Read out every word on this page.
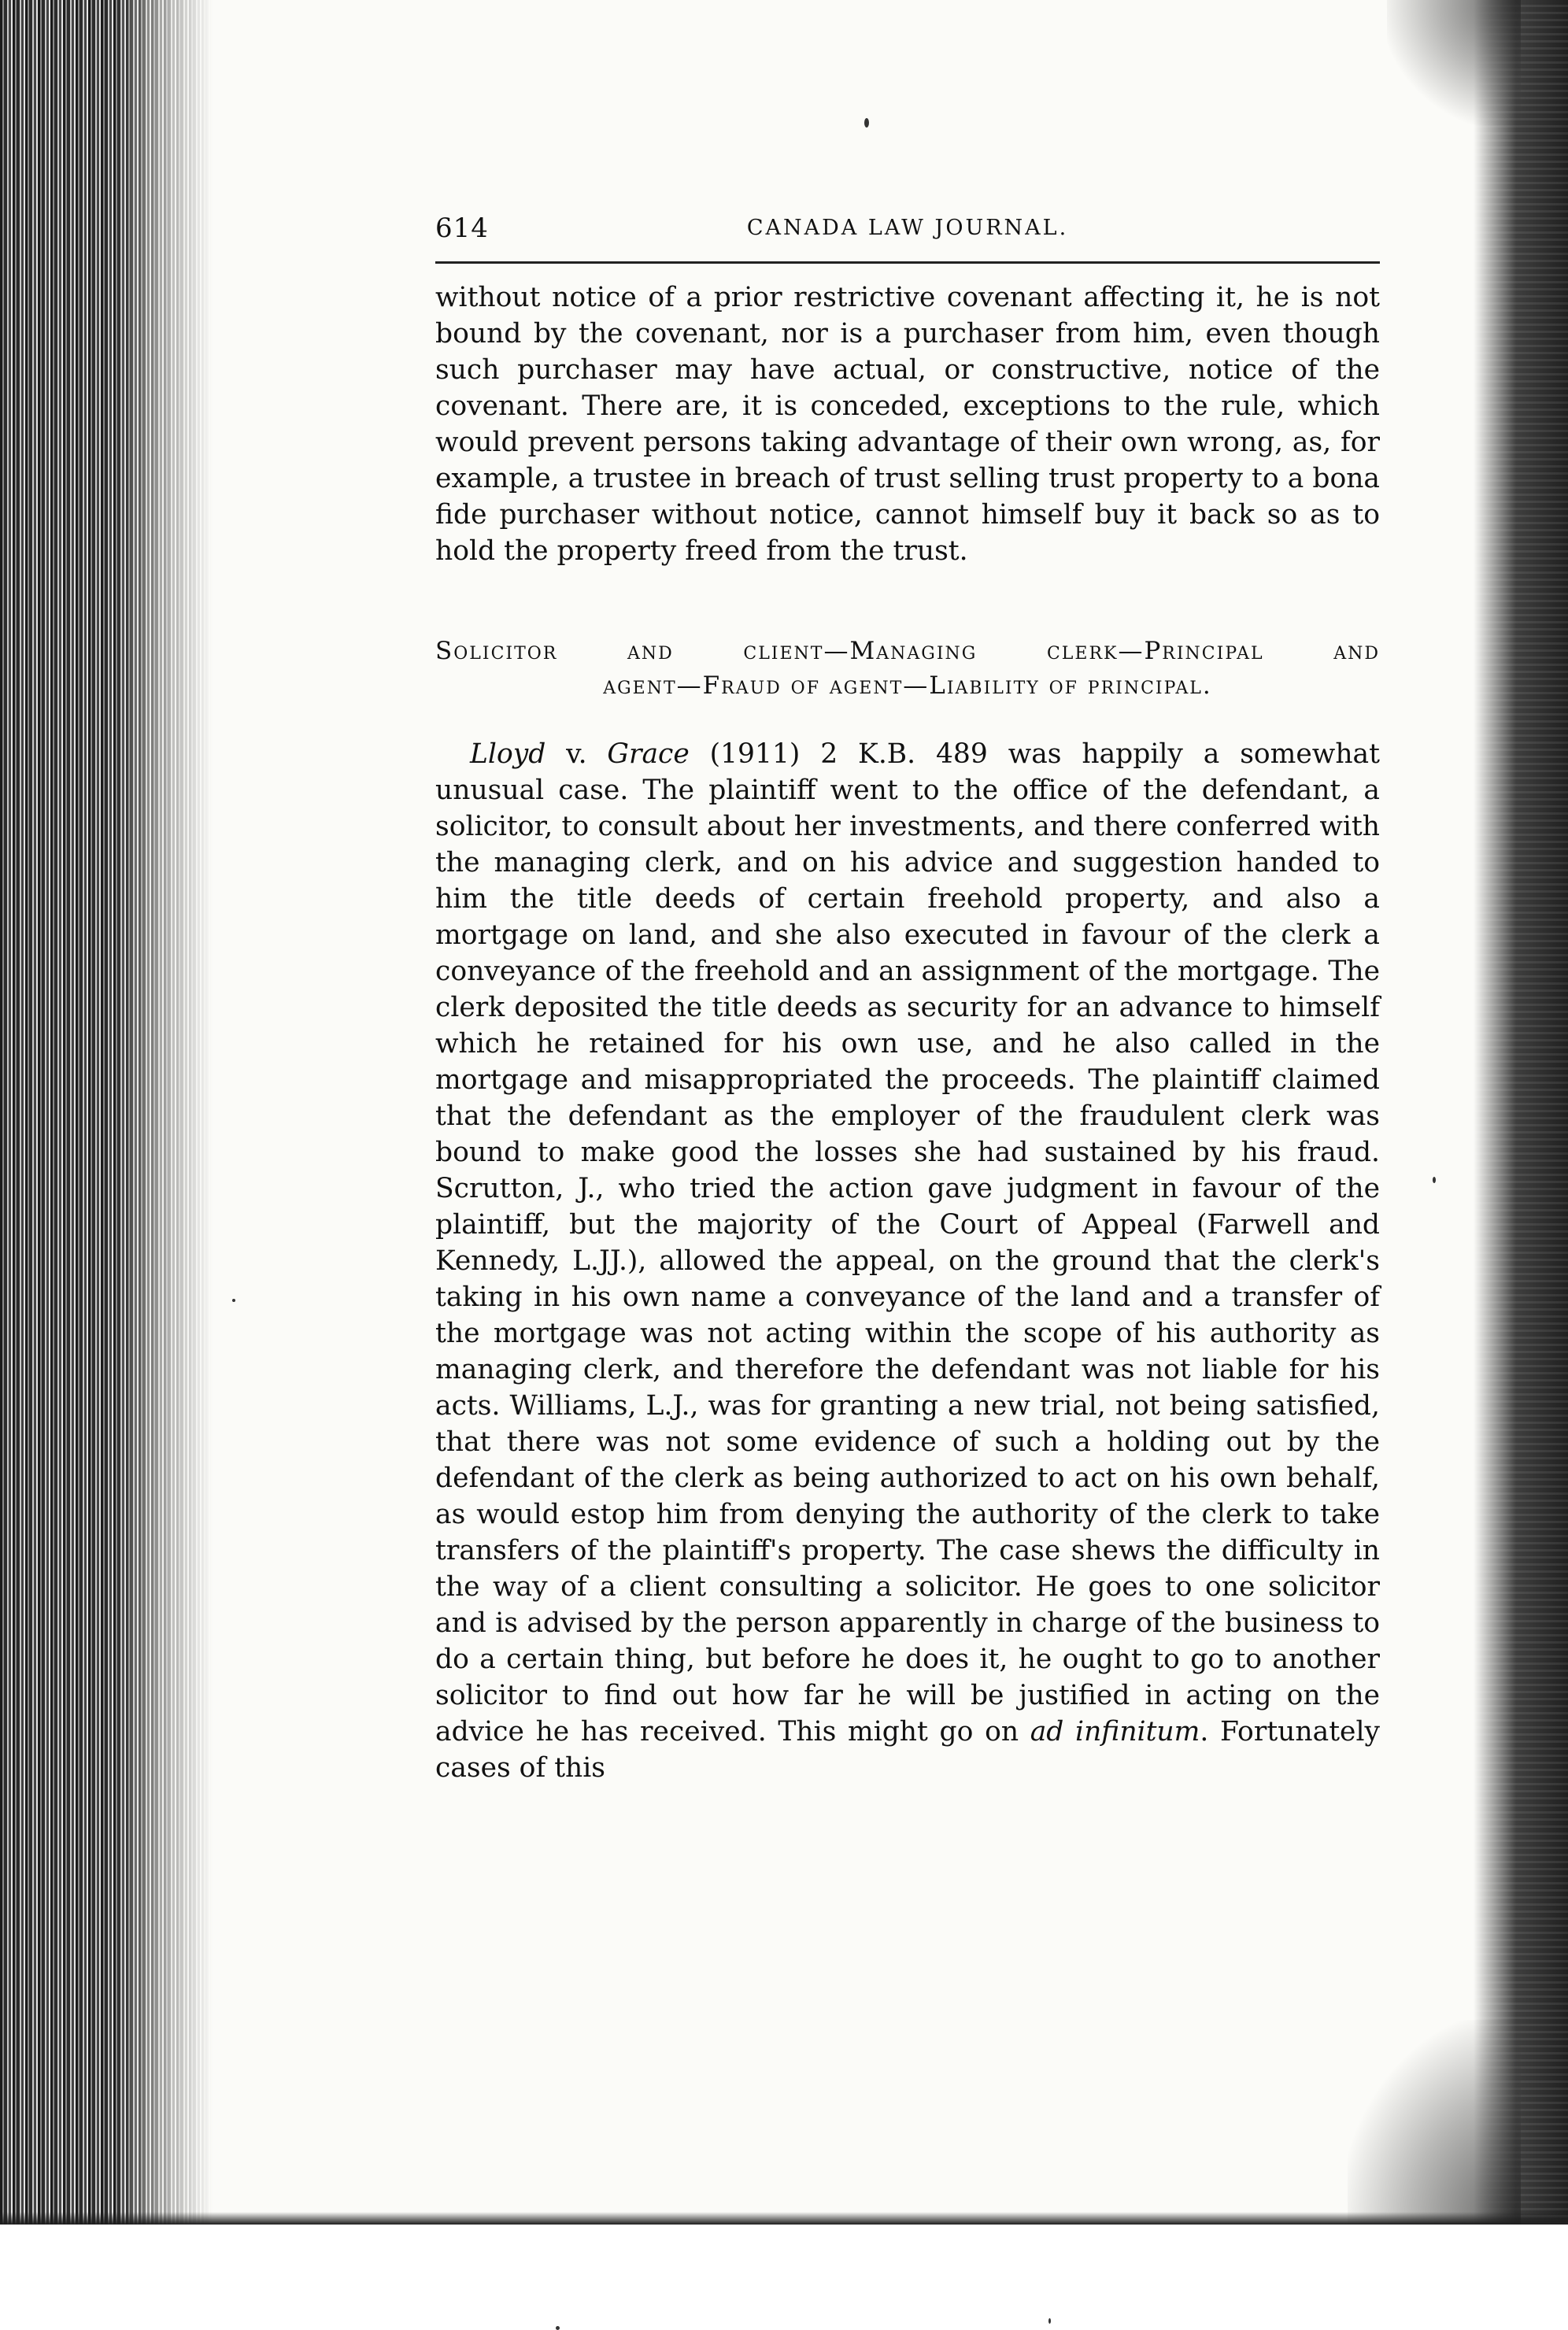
614	CANADA LAW JOURNAL.

without notice of a prior restrictive covenant affecting it, he is not bound by the covenant, nor is a purchaser from him, even though such purchaser may have actual, or constructive, notice of the covenant. There are, it is conceded, exceptions to the rule, which would prevent persons taking advantage of their own wrong, as, for example, a trustee in breach of trust selling trust property to a bona fide purchaser without notice, cannot himself buy it back so as to hold the property freed from the trust.

Solicitor and client—Managing clerk—Principal and
agent—Fraud of agent—Liability of principal.

Lloyd v. Grace (1911) 2 K.B. 489 was happily a somewhat unusual case. The plaintiff went to the office of the defendant, a solicitor, to consult about her investments, and there conferred with the managing clerk, and on his advice and suggestion handed to him the title deeds of certain freehold property, and also a mortgage on land, and she also executed in favour of the clerk a conveyance of the freehold and an assignment of the mortgage. The clerk deposited the title deeds as security for an advance to himself which he retained for his own use, and he also called in the mortgage and misappropriated the proceeds. The plaintiff claimed that the defendant as the employer of the fraudulent clerk was bound to make good the losses she had sustained by his fraud. Scrutton, J., who tried the action gave judgment in favour of the plaintiff, but the majority of the Court of Appeal (Farwell and Kennedy, L.JJ.), allowed the appeal, on the ground that the clerk's taking in his own name a conveyance of the land and a transfer of the mortgage was not acting within the scope of his authority as managing clerk, and therefore the defendant was not liable for his acts. Williams, L.J., was for granting a new trial, not being satisfied, that there was not some evidence of such a holding out by the defendant of the clerk as being authorized to act on his own behalf, as would estop him from denying the authority of the clerk to take transfers of the plaintiff's property. The case shews the difficulty in the way of a client consulting a solicitor. He goes to one solicitor and is advised by the person apparently in charge of the business to do a certain thing, but before he does it, he ought to go to another solicitor to find out how far he will be justified in acting on the advice he has received. This might go on ad infinitum. Fortunately cases of this
